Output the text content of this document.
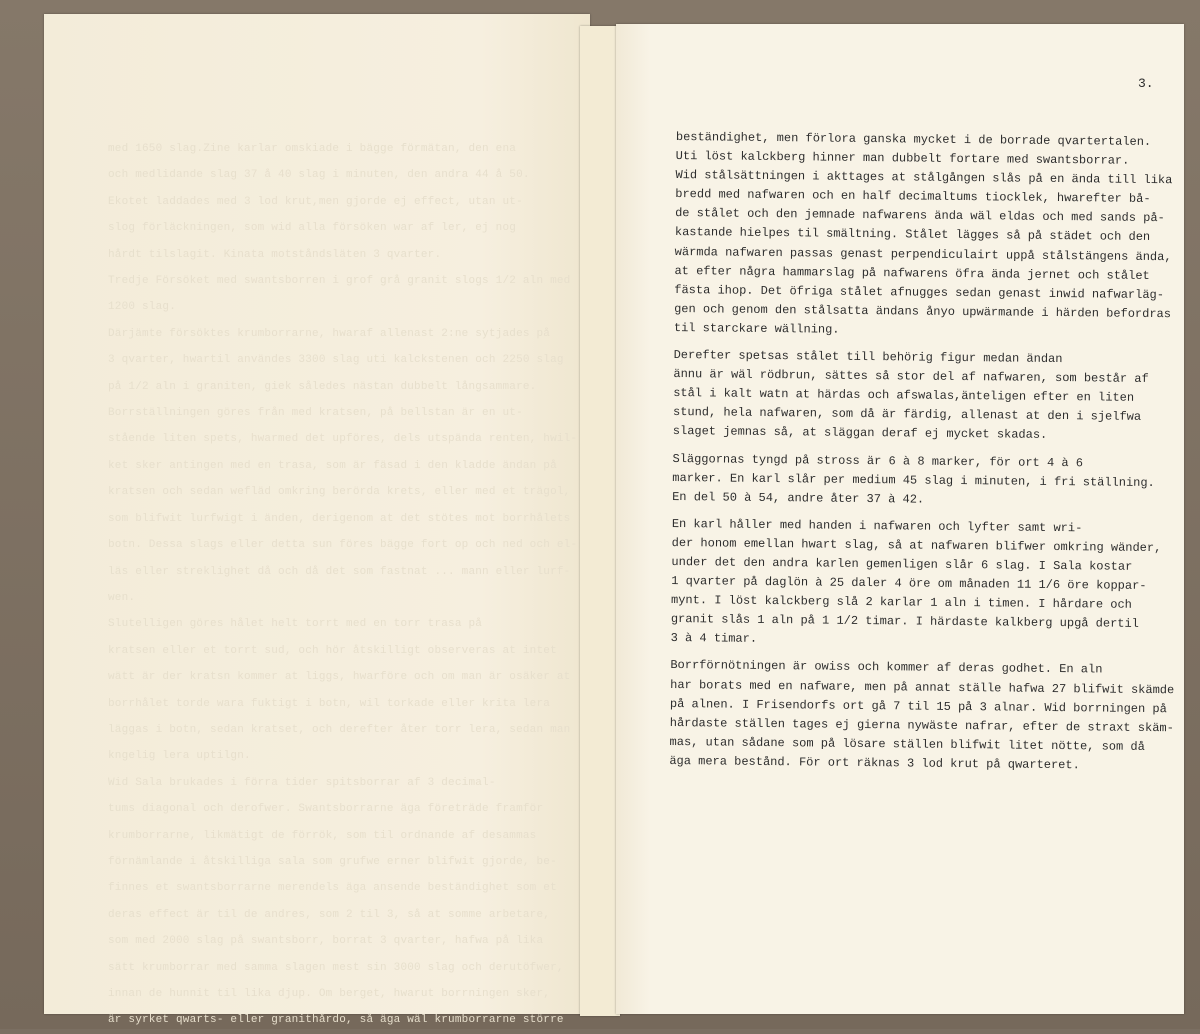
med 1650 slag.Zine karlar omskiade i bägge förmätan, den ena
och medlidande slag 37 å 40 slag i minuten, den andra 44 å 50.
Ekotet laddades med 3 lod krut,men gjorde ej effect, utan ut-
slog förläckningen, som wid alla försöken war af ler, ej nog
hårdt tilslagit. Kinata motståndsläten 3 qvarter.
Tredje Försöket med swantsborren i grof grå granit slogs 1/2 aln med
1200 slag.
Därjämte försöktes krumborrarne, hwaraf allenast 2:ne sytjades på
3 qvarter, hwartil användes 3300 slag uti kalckstenen och 2250 slag
på 1/2 aln i graniten, giek således nästan dubbelt långsammare.
Borrställningen göres från med kratsen, på bellstan är en ut-
stående liten spets, hwarmed det upföres, dels utspända renten, hwil-
ket sker antingen med en trasa, som är fäsad i den kladde ändan på
kratsen och sedan wefläd omkring berörda krets, eller med et trägol,
som blifwit lurfwigt i änden, derigenom at det stötes mot borrhålets
botn. Dessa slags eller detta sun föres bägge fort op och ned och el-
läs eller streklighet då och då det som fastnat ... mann eller lurf-
wen.
Slutelligen göres hålet helt torrt med en torr trasa på
kratsen eller et torrt sud, och hör åtskilligt observeras at intet
wätt är der kratsn kommer at liggs, hwarföre och om man är osäker at
borrhålet torde wara fuktigt i botn, wil torkade eller krita lera
läggas i botn, sedan kratset, och derefter åter torr lera, sedan man
kngelig lera uptilgn.
Wid Sala brukades i förra tider spitsborrar af 3 decimal-
tums diagonal och derofwer. Swantsborrarne äga företräde framför
krumborrarne, likmätigt de förrök, som til ordnande af desammas
förnämlande i åtskilliga sala som grufwe erner blifwit gjorde, be-
finnes et swantsborrarne merendels äga ansende beständighet som et
deras effect är til de andres, som 2 til 3, så at somme arbetare,
som med 2000 slag på swantsborr, borrat 3 qvarter, hafwa på lika
sätt krumborrar med samma slagen mest sin 3000 slag och derutöfwer,
innan de hunnit til lika djup. Om berget, hwarut borrningen sker,
är syrket qwarts- eller granithårdo, så äga wäl krumborrarne större

3.
beständighet, men förlora ganska mycket i de borrade qvartertalen.
Uti löst kalckberg hinner man dubbelt fortare med swantsborrar.
Wid stålsättningen i akttages at stålgången slås på en ända till lika
bredd med nafwaren och en half decimaltums tiocklek, hwarefter bå-
de stålet och den jemnade nafwarens ända wäl eldas och med sands på-
kastande hielpes til smältning. Stålet lägges så på städet och den
wärmda nafwaren passas genast perpendiculairt uppå stålstängens ända,
at efter några hammarslag på nafwarens öfra ända jernet och stålet
fästa ihop. Det öfriga stålet afnugges sedan genast inwid nafwarläg-
gen och genom den stålsatta ändans ånyo upwärmande i härden befordras
til starckare wällning.
Derefter spetsas stålet till behörig figur medan ändan
ännu är wäl rödbrun, sättes så stor del af nafwaren, som består af
stål i kalt watn at härdas och afswalas,änteligen efter en liten
stund, hela nafwaren, som då är färdig, allenast at den i sjelfwa
slaget jemnas så, at släggan deraf ej mycket skadas.
Släggornas tyngd på stross är 6 à 8 marker, för ort 4 à 6
marker. En karl slår per medium 45 slag i minuten, i fri ställning.
En del 50 à 54, andre åter 37 à 42.
En karl håller med handen i nafwaren och lyfter samt wri-
der honom emellan hwart slag, så at nafwaren blifwer omkring wänder,
under det den andra karlen gemenligen slår 6 slag. I Sala kostar
1 qvarter på daglön à 25 daler 4 öre om månaden 11 1/6 öre koppar-
mynt. I löst kalckberg slå 2 karlar 1 aln i timen. I hårdare och
granit slås 1 aln på 1 1/2 timar. I härdaste kalkberg upgå dertil
3 à 4 timar.
Borrförnötningen är owiss och kommer af deras godhet. En aln
har borats med en nafware, men på annat ställe hafwa 27 blifwit skämde
på alnen. I Frisendorfs ort gå 7 til 15 på 3 alnar. Wid borrningen på
hårdaste ställen tages ej gierna nywäste nafrar, efter de straxt skäm-
mas, utan sådane som på lösare ställen blifwit litet nötte, som då
äga mera bestånd. För ort räknas 3 lod krut på qwarteret.
